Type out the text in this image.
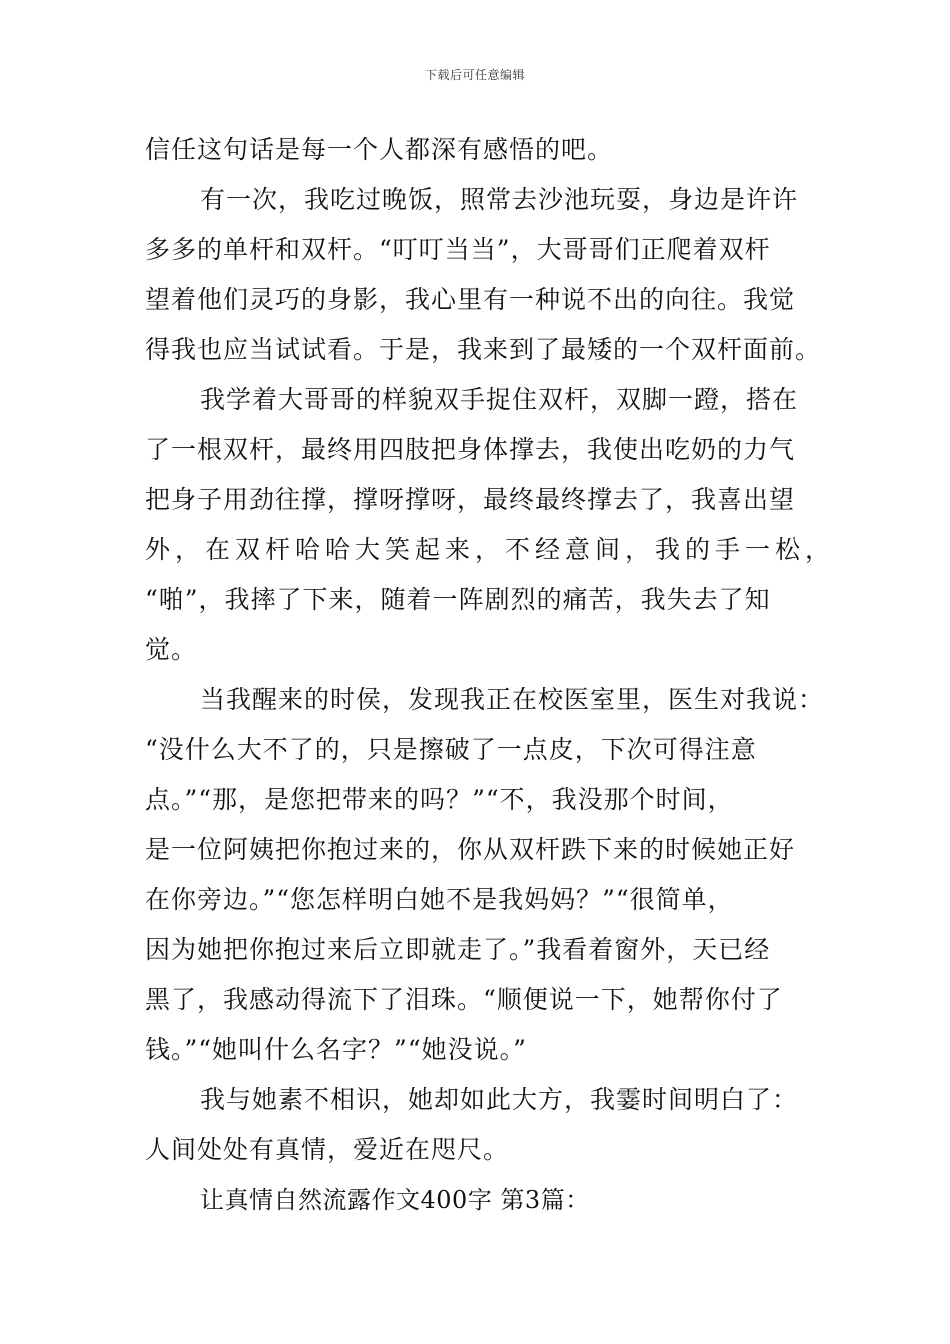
下载后可任意编辑
信任这句话是每一个人都深有感悟的吧。
有一次，我吃过晚饭，照常去沙池玩耍，身边是许许
多多的单杆和双杆。“叮叮当当”，大哥哥们正爬着双杆
望着他们灵巧的身影，我心里有一种说不出的向往。我觉
得我也应当试试看。于是，我来到了最矮的一个双杆面前。
我学着大哥哥的样貌双手捉住双杆，双脚一蹬，搭在
了一根双杆，最终用四肢把身体撑去，我使出吃奶的力气
把身子用劲往撑，撑呀撑呀，最终最终撑去了，我喜出望
外，在双杆哈哈大笑起来，不经意间，我的手一松，
“啪”，我摔了下来，随着一阵剧烈的痛苦，我失去了知
觉。
当我醒来的时侯，发现我正在校医室里，医生对我说：
“没什么大不了的，只是擦破了一点皮，下次可得注意
点。”“那，是您把带来的吗？”“不，我没那个时间，
是一位阿姨把你抱过来的，你从双杆跌下来的时候她正好
在你旁边。”“您怎样明白她不是我妈妈？”“很简单，
因为她把你抱过来后立即就走了。”我看着窗外，天已经
黑了，我感动得流下了泪珠。“顺便说一下，她帮你付了
钱。”“她叫什么名字？”“她没说。”
我与她素不相识，她却如此大方，我霎时间明白了：
人间处处有真情，爱近在咫尺。
让真情自然流露作文400字 第3篇：
